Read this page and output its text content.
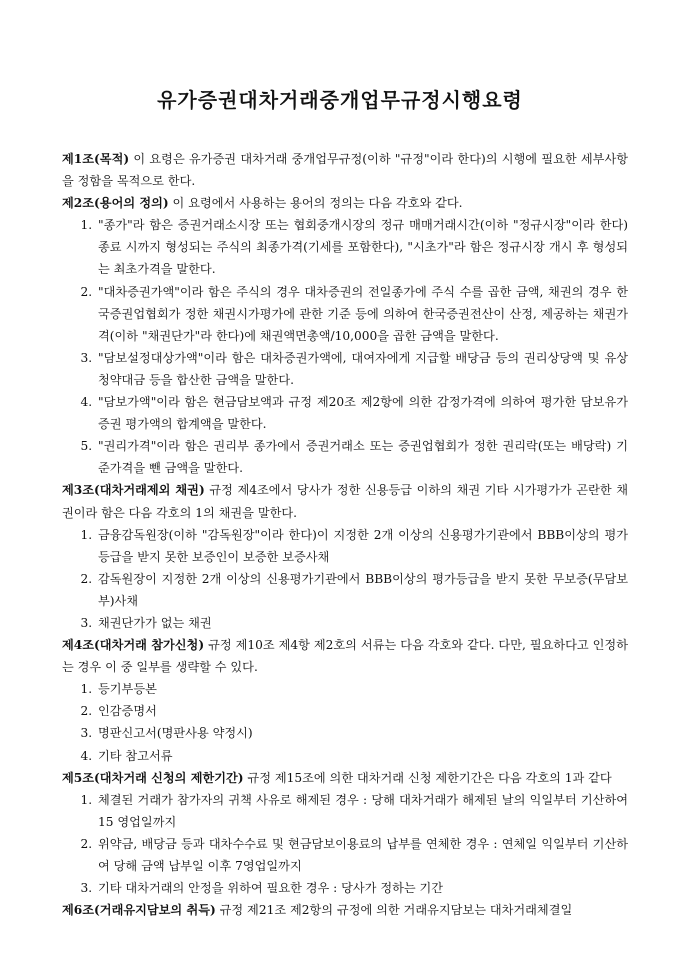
유가증권대차거래중개업무규정시행요령

제1조(목적) 이 요령은 유가증권 대차거래 중개업무규정(이하 "규정"이라 한다)의 시행에 필요한 세부사항을 정함을 목적으로 한다.

제2조(용어의 정의) 이 요령에서 사용하는 용어의 정의는 다음 각호와 같다.

1. "종가"라 함은 증권거래소시장 또는 협회중개시장의 정규 매매거래시간(이하 "정규시장"이라 한다) 종료 시까지 형성되는 주식의 최종가격(기세를 포함한다), "시초가"라 함은 정규시장 개시 후 형성되는 최초가격을 말한다.
2. "대차증권가액"이라 함은 주식의 경우 대차증권의 전일종가에 주식 수를 곱한 금액, 채권의 경우 한국증권업협회가 정한 채권시가평가에 관한 기준 등에 의하여 한국증권전산이 산정, 제공하는 채권가격(이하 "채권단가"라 한다)에 채권액면총액/10,000을 곱한 금액을 말한다.
3. "담보설정대상가액"이라 함은 대차증권가액에, 대여자에게 지급할 배당금 등의 권리상당액 및 유상청약대금 등을 합산한 금액을 말한다.
4. "담보가액"이라 함은 현금담보액과 규정 제20조 제2항에 의한 감정가격에 의하여 평가한 담보유가증권 평가액의 합계액을 말한다.
5. "권리가격"이라 함은 권리부 종가에서 증권거래소 또는 증권업협회가 정한 권리락(또는 배당락) 기준가격을 뺀 금액을 말한다.

제3조(대차거래제외 채권) 규정 제4조에서 당사가 정한 신용등급 이하의 채권 기타 시가평가가 곤란한 채권이라 함은 다음 각호의 1의 채권을 말한다.

1. 금융감독원장(이하 "감독원장"이라 한다)이 지정한 2개 이상의 신용평가기관에서 BBB이상의 평가등급을 받지 못한 보증인이 보증한 보증사채
2. 감독원장이 지정한 2개 이상의 신용평가기관에서 BBB이상의 평가등급을 받지 못한 무보증(무담보부)사채
3. 채권단가가 없는 채권

제4조(대차거래 참가신청) 규정 제10조 제4항 제2호의 서류는 다음 각호와 같다. 다만, 필요하다고 인정하는 경우 이 중 일부를 생략할 수 있다.

1. 등기부등본
2. 인감증명서
3. 명판신고서(명판사용 약정시)
4. 기타 참고서류

제5조(대차거래 신청의 제한기간) 규정 제15조에 의한 대차거래 신청 제한기간은 다음 각호의 1과 같다

1. 체결된 거래가 참가자의 귀책 사유로 해제된 경우 : 당해 대차거래가 해제된 날의 익일부터 기산하여 15 영업일까지
2. 위약금, 배당금 등과 대차수수료 및 현금담보이용료의 납부를 연체한 경우 : 연체일 익일부터 기산하여 당해 금액 납부일 이후 7영업일까지
3. 기타 대차거래의 안정을 위하여 필요한 경우 : 당사가 정하는 기간

제6조(거래유지담보의 취득) 규정 제21조 제2항의 규정에 의한 거래유지담보는 대차거래체결일
